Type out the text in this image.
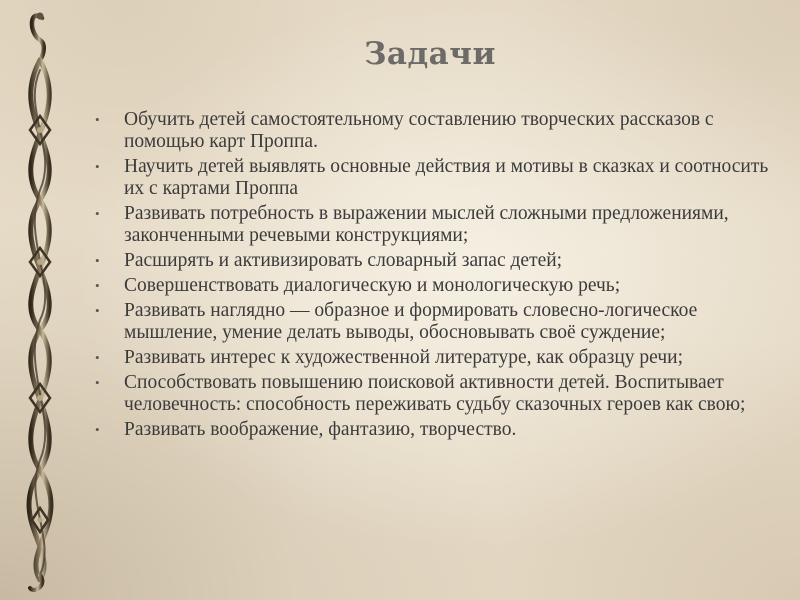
Задачи
• Обучить детей самостоятельному составлению творческих рассказов с помощью карт Проппа.
• Научить детей выявлять основные действия и мотивы в сказках и соотносить их с картами Проппа
• Развивать потребность в выражении мыслей сложными предложениями, законченными речевыми конструкциями;
• Расширять и активизировать словарный запас детей;
• Совершенствовать диалогическую и монологическую речь;
• Развивать наглядно — образное и формировать словесно-логическое мышление, умение делать выводы, обосновывать своё суждение;
• Развивать интерес к художественной литературе, как образцу речи;
• Способствовать повышению поисковой активности детей. Воспитывает человечность: способность переживать судьбу сказочных героев как свою;
• Развивать воображение, фантазию, творчество.
